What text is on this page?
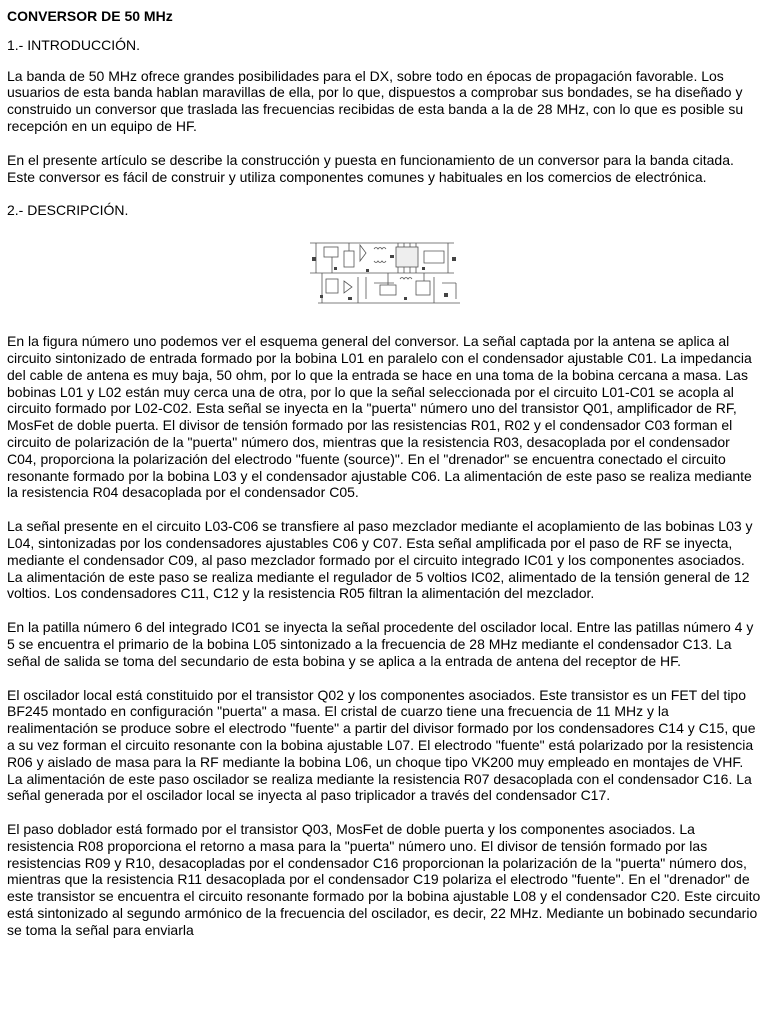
CONVERSOR DE 50 MHz
1.- INTRODUCCIÓN.

La banda de 50 MHz ofrece grandes posibilidades para el DX, sobre todo en épocas de propagación favorable. Los usuarios de esta banda hablan maravillas de ella, por lo que, dispuestos a comprobar sus bondades, se ha diseñado y construido un conversor que traslada las frecuencias recibidas de esta banda a la de 28 MHz, con lo que es posible su recepción en un equipo de HF.

En el presente artículo se describe la construcción y puesta en funcionamiento de un conversor para la banda citada. Este conversor es fácil de construir y utiliza componentes comunes y habituales en los comercios de electrónica.

2.- DESCRIPCIÓN.

En la figura número uno podemos ver el esquema general del conversor. La señal captada por la antena se aplica al circuito sintonizado de entrada formado por la bobina L01 en paralelo con el condensador ajustable C01. La impedancia del cable de antena es muy baja, 50 ohm, por lo que la entrada se hace en una toma de la bobina cercana a masa. Las bobinas L01 y L02 están muy cerca una de otra, por lo que la señal seleccionada por el circuito L01-C01 se acopla al circuito formado por L02-C02. Esta señal se inyecta en la "puerta" número uno del transistor Q01, amplificador de RF, MosFet de doble puerta. El divisor de tensión formado por las resistencias R01, R02 y el condensador C03 forman el circuito de polarización de la "puerta" número dos, mientras que la resistencia R03, desacoplada por el condensador C04, proporciona la polarización del electrodo "fuente (source)". En el "drenador" se encuentra conectado el circuito resonante formado por la bobina L03 y el condensador ajustable C06. La alimentación de este paso se realiza mediante la resistencia R04 desacoplada por el condensador C05.

La señal presente en el circuito L03-C06 se transfiere al paso mezclador mediante el acoplamiento de las bobinas L03 y L04, sintonizadas por los condensadores ajustables C06 y C07. Esta señal amplificada por el paso de RF se inyecta, mediante el condensador C09, al paso mezclador formado por el circuito integrado IC01 y los componentes asociados. La alimentación de este paso se realiza mediante el regulador de 5 voltios IC02, alimentado de la tensión general de 12 voltios. Los condensadores C11, C12 y la resistencia R05 filtran la alimentación del mezclador.

En la patilla número 6 del integrado IC01 se inyecta la señal procedente del oscilador local. Entre las patillas número 4 y 5 se encuentra el primario de la bobina L05 sintonizado a la frecuencia de 28 MHz mediante el condensador C13. La señal de salida se toma del secundario de esta bobina y se aplica a la entrada de antena del receptor de HF.

El oscilador local está constituido por el transistor Q02 y los componentes asociados. Este transistor es un FET del tipo BF245 montado en configuración "puerta" a masa. El cristal de cuarzo tiene una frecuencia de 11 MHz y la realimentación se produce sobre el electrodo "fuente" a partir del divisor formado por los condensadores C14 y C15, que a su vez forman el circuito resonante con la bobina ajustable L07. El electrodo "fuente" está polarizado por la resistencia R06 y aislado de masa para la RF mediante la bobina L06, un choque tipo VK200 muy empleado en montajes de VHF. La alimentación de este paso oscilador se realiza mediante la resistencia R07 desacoplada con el condensador C16. La señal generada por el oscilador local se inyecta al paso triplicador a través del condensador C17.

El paso doblador está formado por el transistor Q03, MosFet de doble puerta y los componentes asociados. La resistencia R08 proporciona el retorno a masa para la "puerta" número uno. El divisor de tensión formado por las resistencias R09 y R10, desacopladas por el condensador C16 proporcionan la polarización de la "puerta" número dos, mientras que la resistencia R11 desacoplada por el condensador C19 polariza el electrodo "fuente". En el "drenador" de este transistor se encuentra el circuito resonante formado por la bobina ajustable L08 y el condensador C20. Este circuito está sintonizado al segundo armónico de la frecuencia del oscilador, es decir, 22 MHz. Mediante un bobinado secundario se toma la señal para enviarla
